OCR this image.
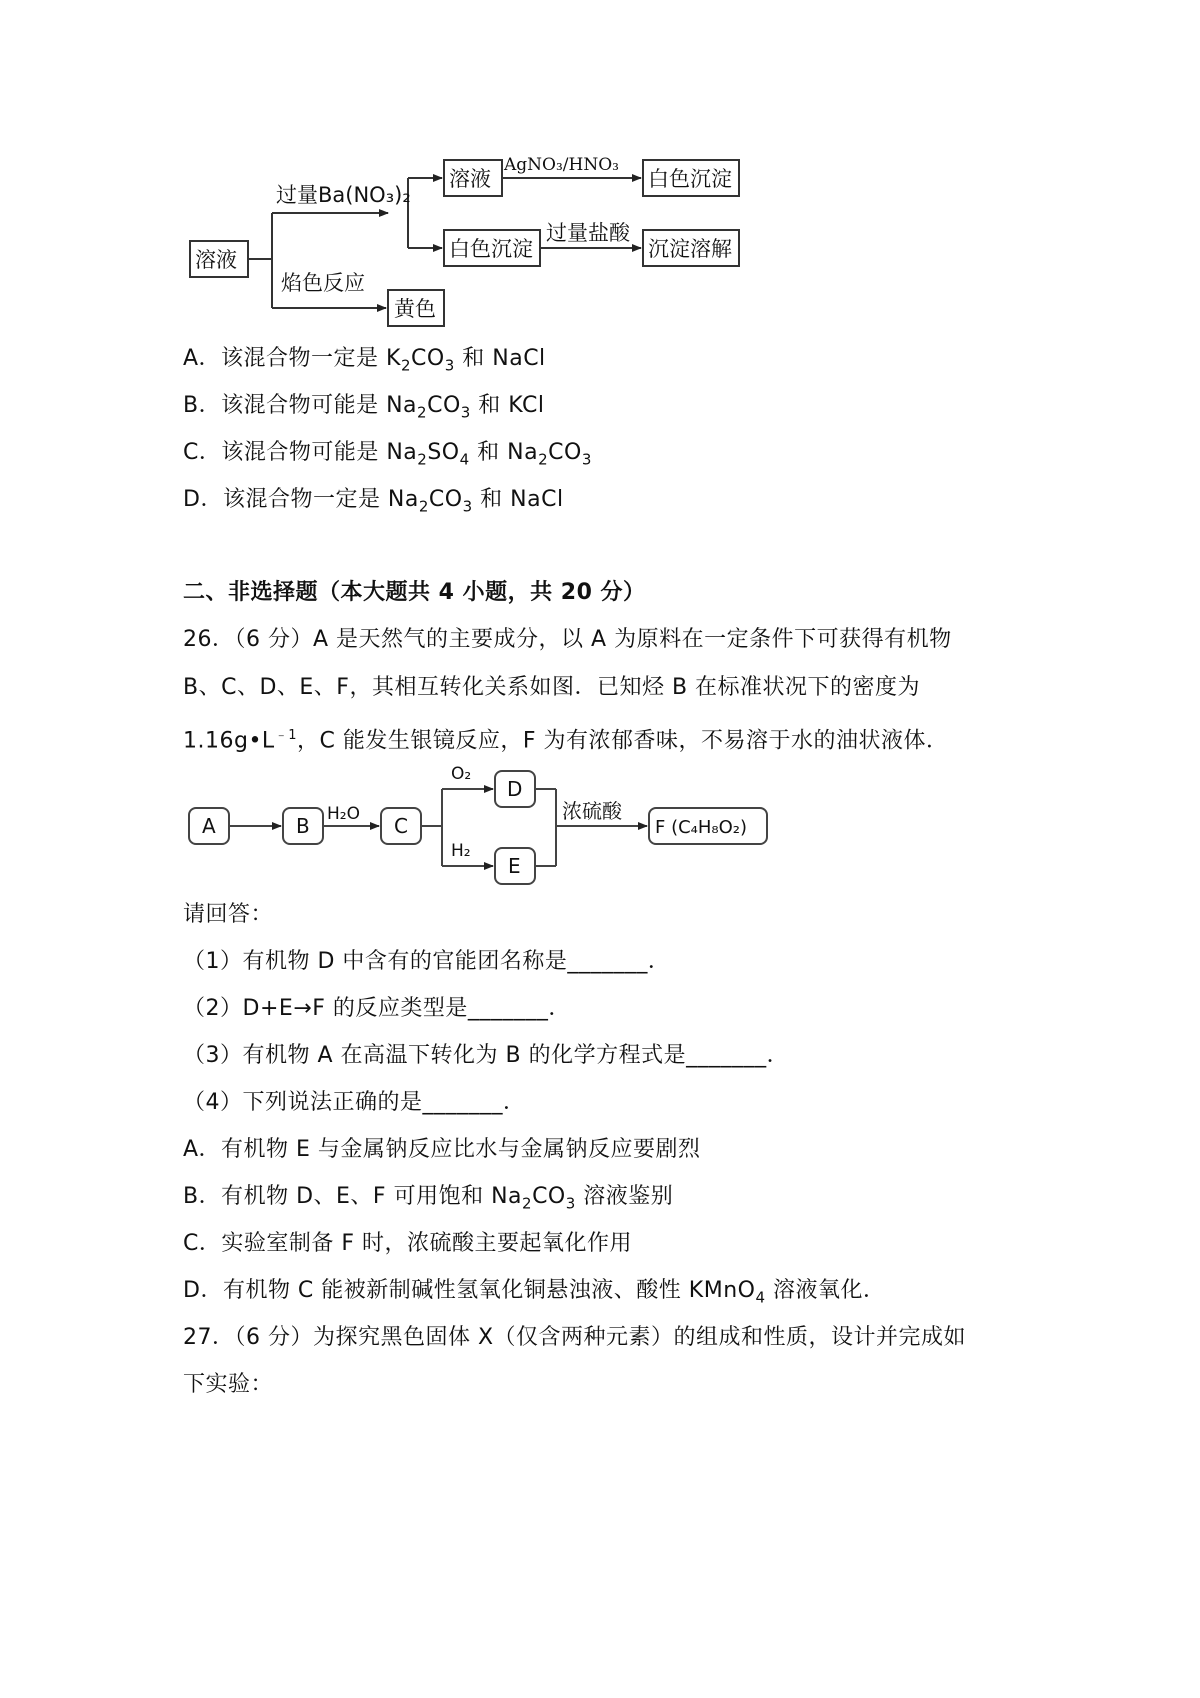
溶液
溶液	白色沉淀
白色沉淀	沉淀溶解
黄色
过量Ba(NO₃)₂
焰色反应
过量盐酸
AgNO₃/HNO₃
A．该混合物一定是 $K_2CO_3$ 和 NaCl
B．该混合物可能是 $Na_2CO_3$ 和 KCl
C．该混合物可能是 $Na_2SO_4$ 和 $Na_2CO_3$
D．该混合物一定是 $Na_2CO_3$ 和 NaCl
二、非选择题（本大题共 4 小题，共 20 分）
26．（6 分）A 是天然气的主要成分，以 A 为原料在一定条件下可获得有机物
B、C、D、E、F，其相互转化关系如图．已知烃 B 在标准状况下的密度为
$1.16g•L^{﹣1}$，C 能发生银镜反应，F 为有浓郁香味，不易溶于水的油状液体．
A	B	C
D
E
F (C₄H₈O₂)
H₂O
O₂
H₂
浓硫酸
请回答：
（1）有机物 D 中含有的官能团名称是_______．
（2）D+E→F 的反应类型是_______．
（3）有机物 A 在高温下转化为 B 的化学方程式是_______．
（4）下列说法正确的是_______．
A．有机物 E 与金属钠反应比水与金属钠反应要剧烈
B．有机物 D、E、F 可用饱和 $Na_2CO_3$ 溶液鉴别
C．实验室制备 F 时，浓硫酸主要起氧化作用
D．有机物 C 能被新制碱性氢氧化铜悬浊液、酸性 KMnO$_4$ 溶液氧化．
27．（6 分）为探究黑色固体 X（仅含两种元素）的组成和性质，设计并完成如
下实验：
